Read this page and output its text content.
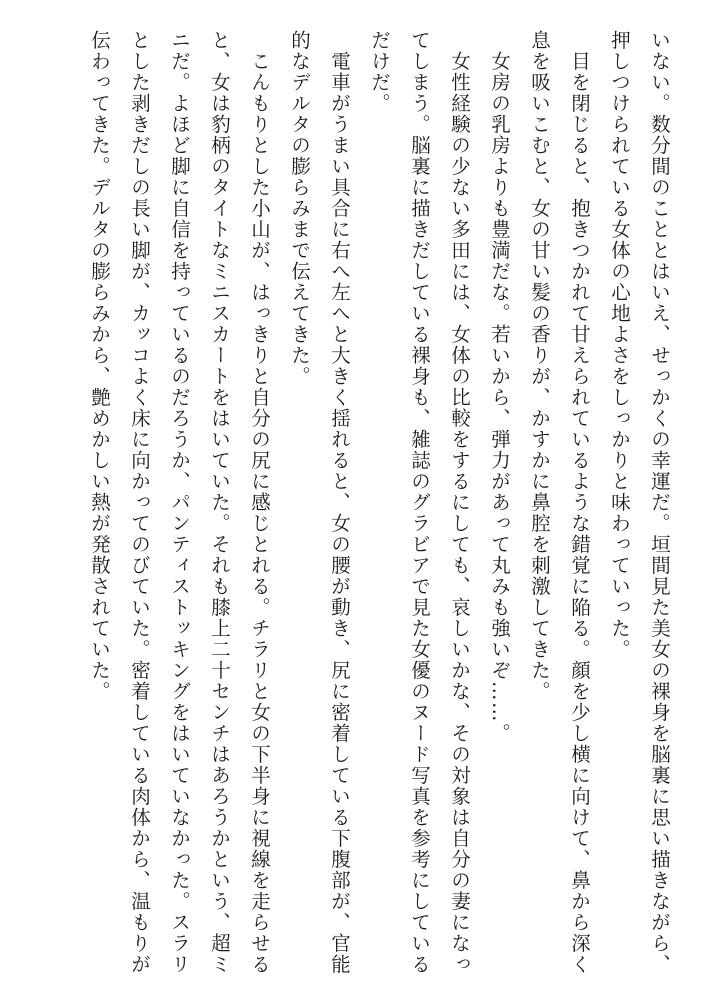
いない。数分間のこととはいえ、せっかくの幸運だ。垣間見た美女の裸身を脳裏に思い描きながら、押しつけられている女体の心地よさをしっかりと味わっていった。

　目を閉じると、抱きつかれて甘えられているような錯覚に陥る。顔を少し横に向けて、鼻から深く息を吸いこむと、女の甘い髪の香りが、かすかに鼻腔を刺激してきた。

　女房の乳房よりも豊満だな。若いから、弾力があって丸みも強いぞ……。

　女性経験の少ない多田には、女体の比較をするにしても、哀しいかな、その対象は自分の妻になってしまう。脳裏に描きだしている裸身も、雑誌のグラビアで見た女優のヌード写真を参考にしているだけだ。

　電車がうまい具合に右へ左へと大きく揺れると、女の腰が動き、尻に密着している下腹部が、官能的なデルタの膨らみまで伝えてきた。

　こんもりとした小山が、はっきりと自分の尻に感じとれる。チラリと女の下半身に視線を走らせると、女は豹柄のタイトなミニスカートをはいていた。それも膝上二十センチはあろうかという、超ミニだ。よほど脚に自信を持っているのだろうか、パンティストッキングをはいていなかった。スラリとした剥きだしの長い脚が、カッコよく床に向かってのびていた。密着している肉体から、温もりが伝わってきた。デルタの膨らみから、艶めかしい熱が発散されていた。
